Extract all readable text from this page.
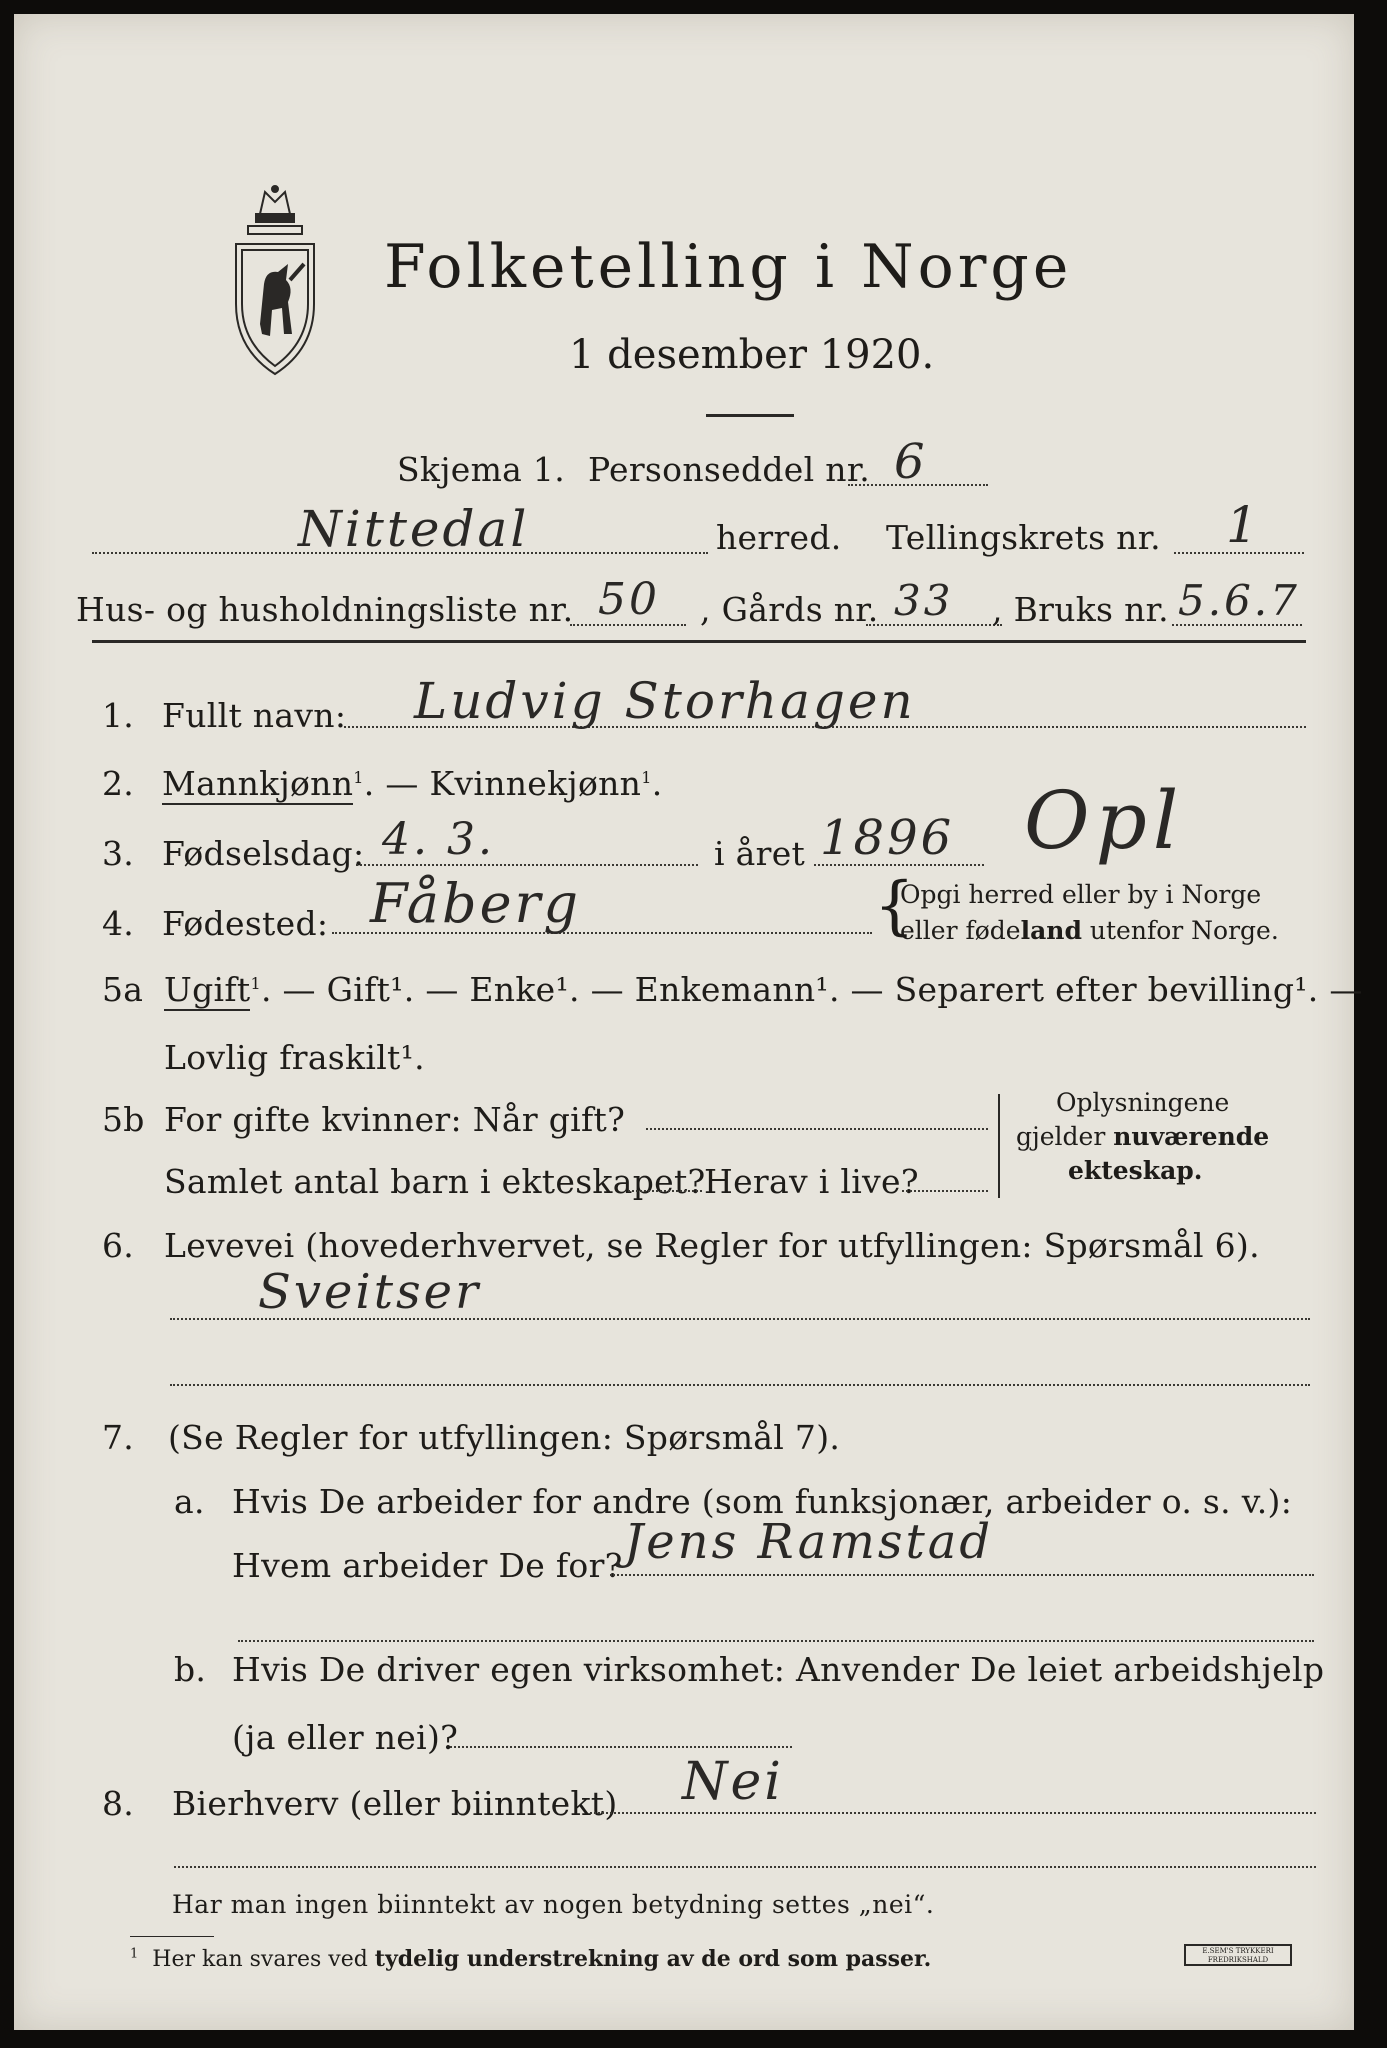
Folketelling i Norge
1 desember 1920.
Skjema 1. Personseddel nr. 6
Nittedal	herred. Tellingskrets nr. 1
Hus- og husholdningsliste nr. 50 , Gårds nr. 33 , Bruks nr. 5.6.7
1. Fullt navn: Ludvig Storhagen
2. Mannkjønn$^1$. — Kvinnekjønn$^1$.
3. Fødselsdag: 4. 3.	i året 1896 Opl
4. Fødested: Fåberg	{
Opgi herred eller by i Norge
eller fødeland utenfor Norge.
5a Ugift$^1$. — Gift¹. — Enke¹. — Enkemann¹. — Separert efter bevilling¹. —
Lovlig fraskilt¹.
5b For gifte kvinner: Når gift?
Samlet antal barn i ekteskapet?
Herav i live?
Oplysningene
gjelder nuværende
ekteskap.
6. Levevei (hovederhvervet, se Regler for utfyllingen: Spørsmål 6).
Sveitser
7. (Se Regler for utfyllingen: Spørsmål 7).
a. Hvis De arbeider for andre (som funksjonær, arbeider o. s. v.):
Hvem arbeider De for? Jens Ramstad
b. Hvis De driver egen virksomhet: Anvender De leiet arbeidshjelp
(ja eller nei)?
8. Bierhverv (eller biinntekt) Nei
Har man ingen biinntekt av nogen betydning settes „nei“.
$^1$ Her kan svares ved tydelig understrekning av de ord som passer.	E.SEM'S TRYKKERI FREDRIKSHALD
